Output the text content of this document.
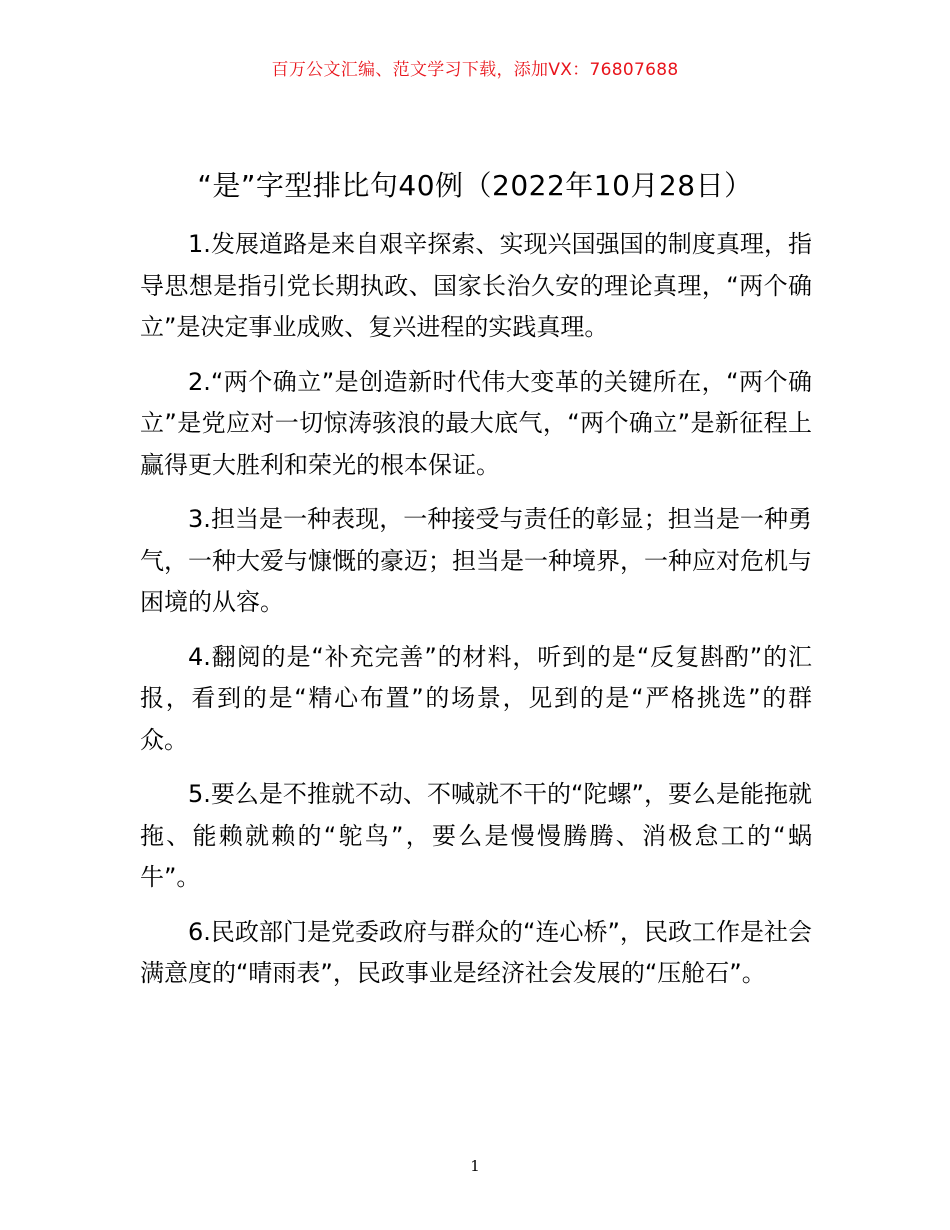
百万公文汇编、范文学习下载，添加VX：76807688
“是”字型排比句40例（2022年10月28日）

1.发展道路是来自艰辛探索、实现兴国强国的制度真理，指导思想是指引党长期执政、国家长治久安的理论真理，“两个确立”是决定事业成败、复兴进程的实践真理。

2.“两个确立”是创造新时代伟大变革的关键所在，“两个确立”是党应对一切惊涛骇浪的最大底气，“两个确立”是新征程上赢得更大胜利和荣光的根本保证。

3.担当是一种表现，一种接受与责任的彰显；担当是一种勇气，一种大爱与慷慨的豪迈；担当是一种境界，一种应对危机与困境的从容。

4.翻阅的是“补充完善”的材料，听到的是“反复斟酌”的汇报，看到的是“精心布置”的场景，见到的是“严格挑选”的群众。

5.要么是不推就不动、不喊就不干的“陀螺”，要么是能拖就拖、能赖就赖的“鸵鸟”，要么是慢慢腾腾、消极怠工的“蜗牛”。

6.民政部门是党委政府与群众的“连心桥”，民政工作是社会满意度的“晴雨表”，民政事业是经济社会发展的“压舱石”。

1
